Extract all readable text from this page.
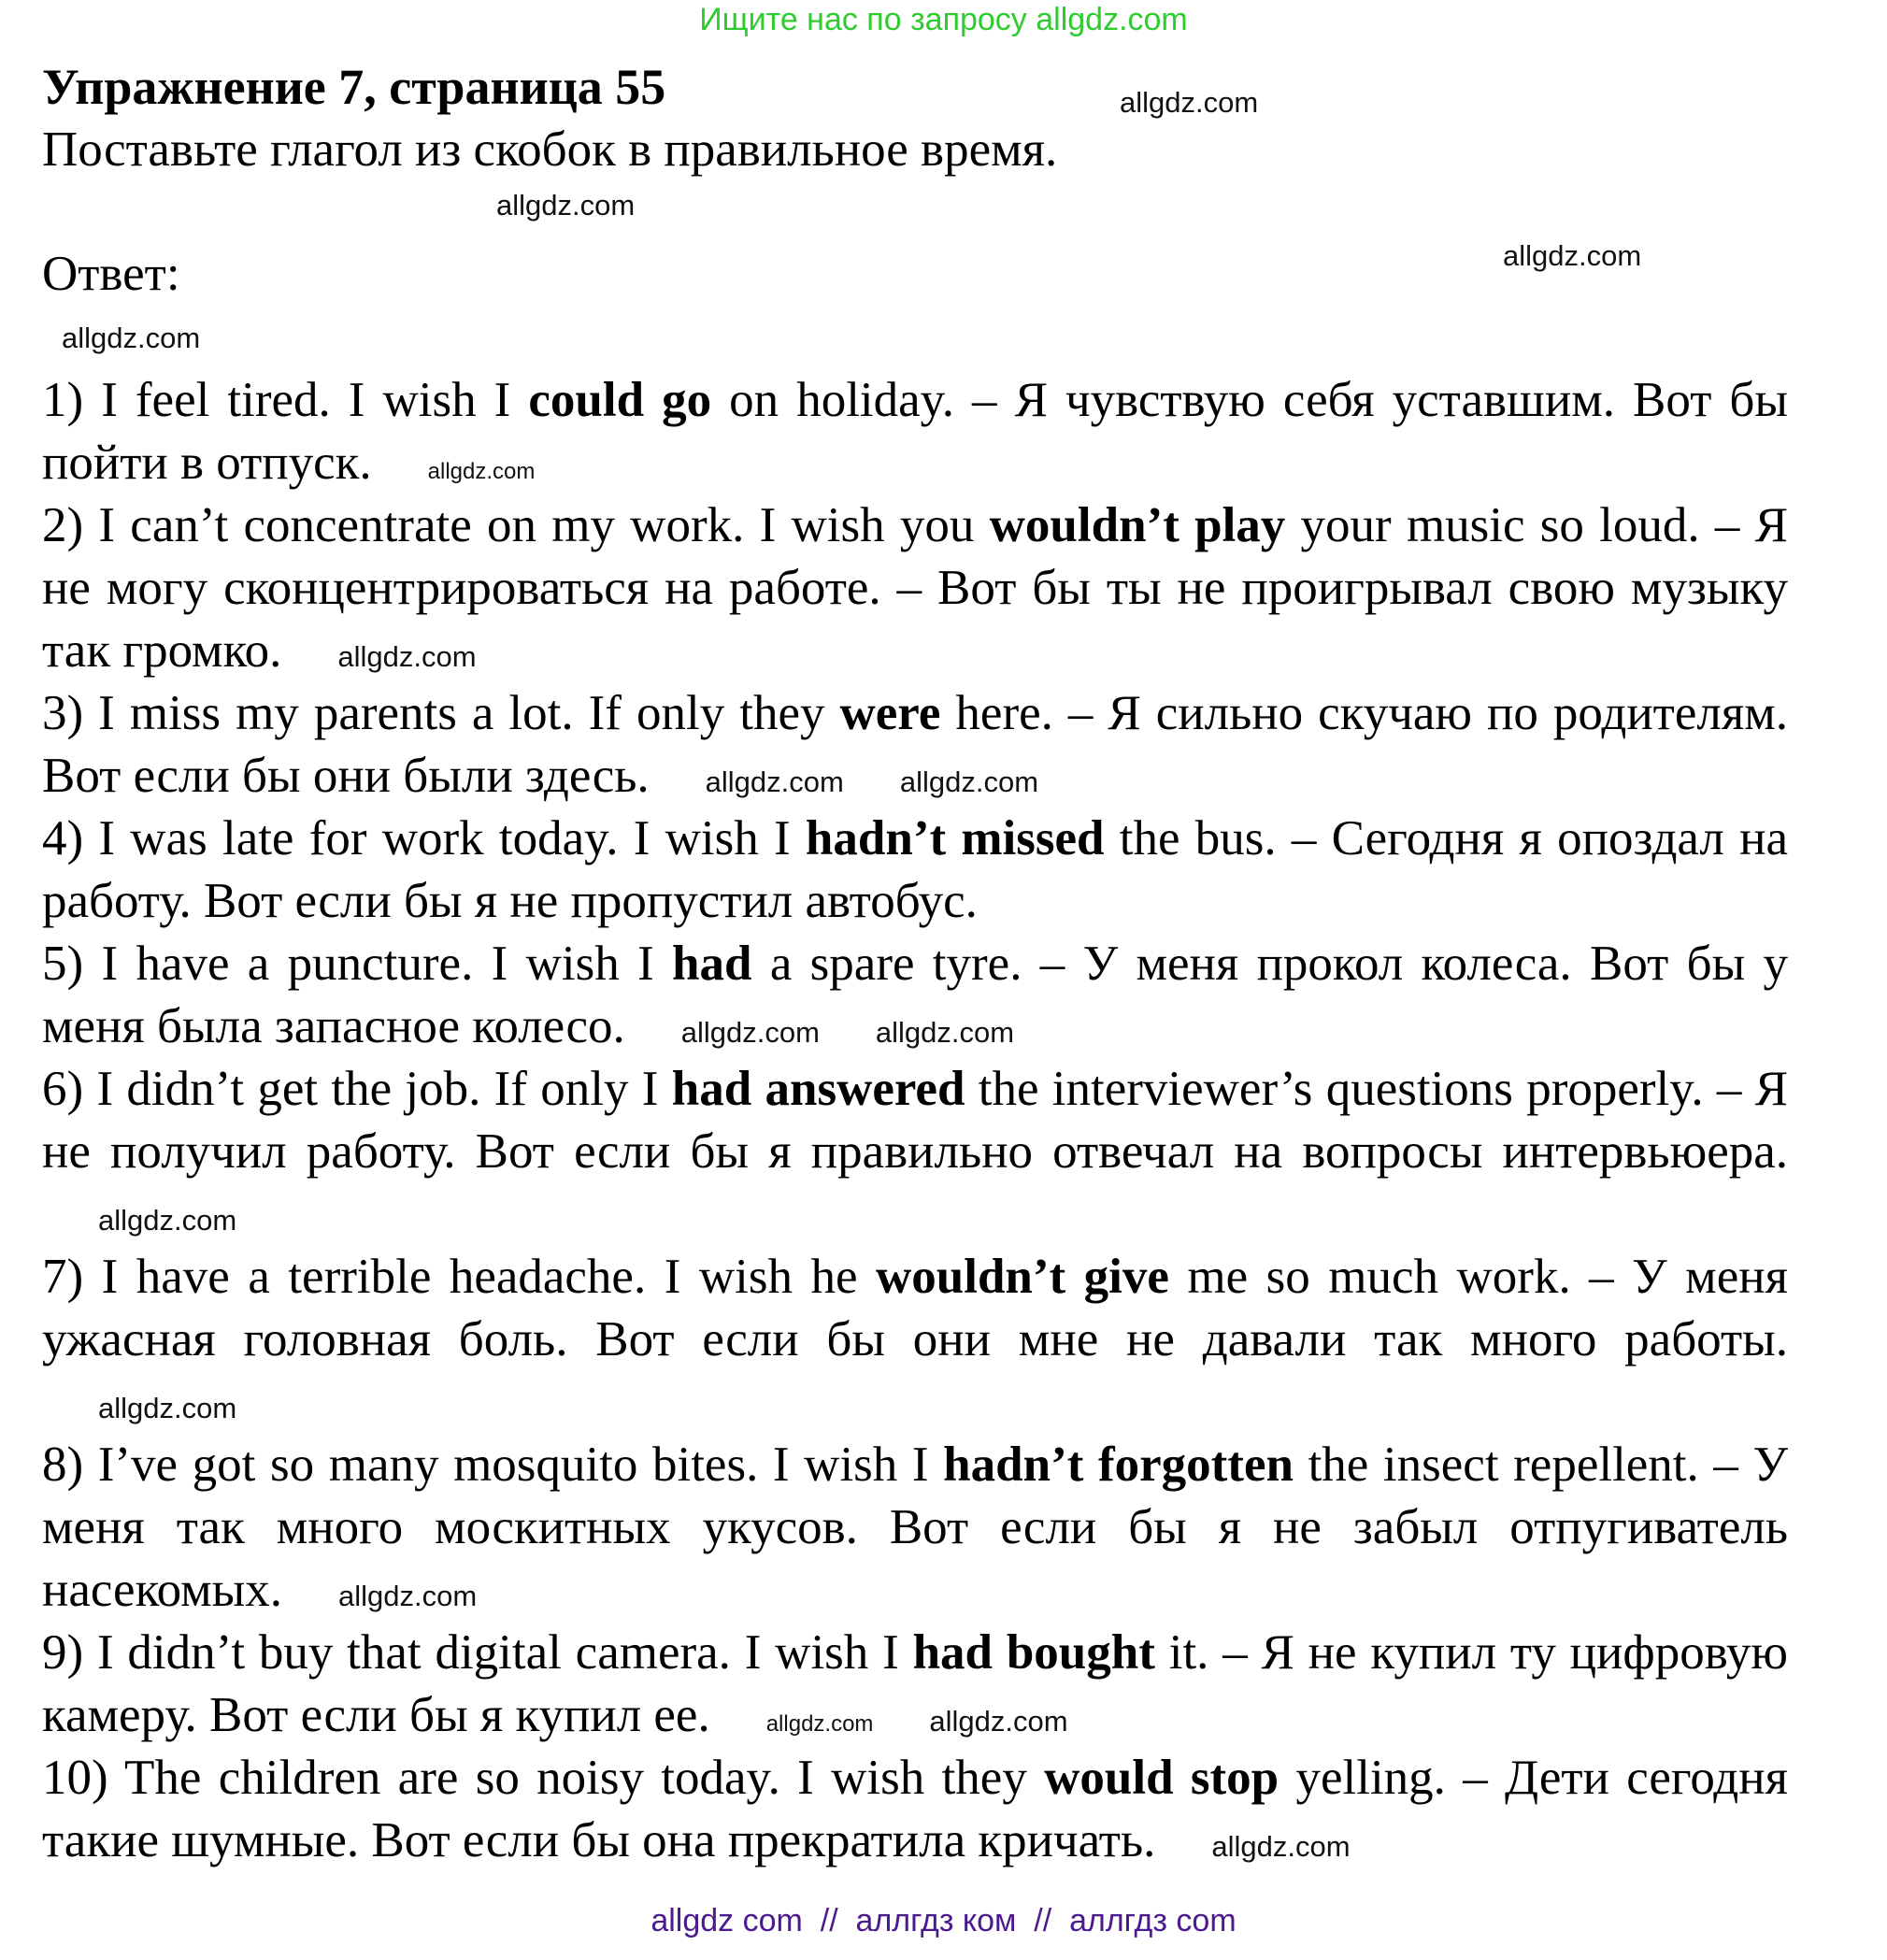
Ищите нас по запросу allgdz.com
Упражнение 7, страница 55
Поставьте глагол из скобок в правильное время.
Ответ:
allgdz.com
allgdz.com
allgdz.com
allgdz.com

1) I feel tired. I wish I could go on holiday. – Я чувствую себя уставшим. Вот бы пойти в отпуск.	allgdz.com

2) I can’t concentrate on my work. I wish you wouldn’t play your music so loud. – Я не могу сконцентрироваться на работе. – Вот бы ты не проигрывал свою музыку так громко. allgdz.com

3) I miss my parents a lot. If only they were here. – Я сильно скучаю по родителям. Вот если бы они были здесь. allgdz.com allgdz.com

4) I was late for work today. I wish I hadn’t missed the bus. – Сегодня я опоздал на работу. Вот если бы я не пропустил автобус.

5) I have a puncture. I wish I had a spare tyre. – У меня прокол колеса. Вот бы у меня была запасное колесо. allgdz.com allgdz.com

6) I didn’t get the job. If only I had answered the interviewer’s questions properly. – Я не получил работу. Вот если бы я правильно отвечал на вопросы интервьюера.allgdz.com

7) I have a terrible headache. I wish he wouldn’t give me so much work. – У меня ужасная головная боль. Вот если бы они мне не давали так много работы.allgdz.com

8) I’ve got so many mosquito bites. I wish I hadn’t forgotten the insect repellent. – У меня так много москитных укусов. Вот если бы я не забыл отпугиватель насекомых. allgdz.com

9) I didn’t buy that digital camera. I wish I had bought it. – Я не купил ту цифровую камеру. Вот если бы я купил ее.	allgdz.com allgdz.com

10) The children are so noisy today. I wish they would stop yelling. – Дети сегодня такие шумные. Вот если бы она прекратила кричать. allgdz.com

allgdz com  //  аллгдз ком  //  аллгдз com
